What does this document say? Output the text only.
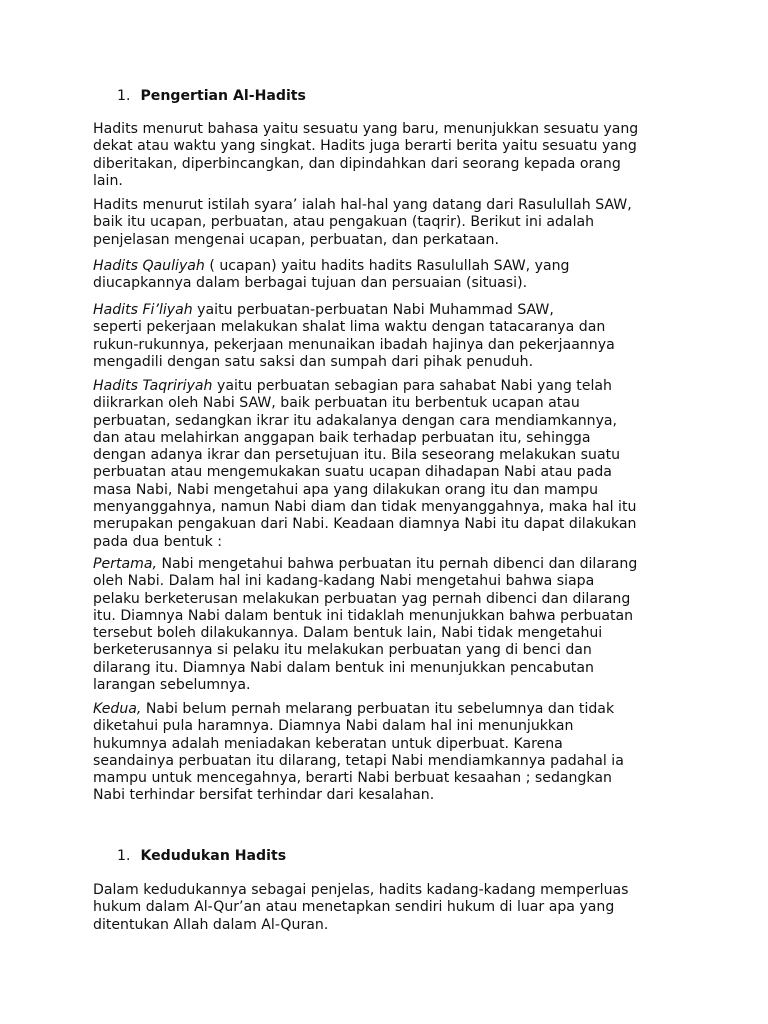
1. Pengertian Al-Hadits

Hadits menurut bahasa yaitu sesuatu yang baru, menunjukkan sesuatu yang
dekat atau waktu yang singkat. Hadits juga berarti berita yaitu sesuatu yang
diberitakan, diperbincangkan, dan dipindahkan dari seorang kepada orang
lain.

Hadits menurut istilah syara’ ialah hal-hal yang datang dari Rasulullah SAW,
baik itu ucapan, perbuatan, atau pengakuan (taqrir). Berikut ini adalah
penjelasan mengenai ucapan, perbuatan, dan perkataan.

Hadits Qauliyah ( ucapan) yaitu hadits hadits Rasulullah SAW, yang
diucapkannya dalam berbagai tujuan dan persuaian (situasi).

Hadits Fi’liyah yaitu perbuatan-perbuatan Nabi Muhammad SAW,
seperti pekerjaan melakukan shalat lima waktu dengan tatacaranya dan
rukun-rukunnya, pekerjaan menunaikan ibadah hajinya dan pekerjaannya
mengadili dengan satu saksi dan sumpah dari pihak penuduh.

Hadits Taqririyah yaitu perbuatan sebagian para sahabat Nabi yang telah
diikrarkan oleh Nabi SAW, baik perbuatan itu berbentuk ucapan atau
perbuatan, sedangkan ikrar itu adakalanya dengan cara mendiamkannya,
dan atau melahirkan anggapan baik terhadap perbuatan itu, sehingga
dengan adanya ikrar dan persetujuan itu. Bila seseorang melakukan suatu
perbuatan atau mengemukakan suatu ucapan dihadapan Nabi atau pada
masa Nabi, Nabi mengetahui apa yang dilakukan orang itu dan mampu
menyanggahnya, namun Nabi diam dan tidak menyanggahnya, maka hal itu
merupakan pengakuan dari Nabi. Keadaan diamnya Nabi itu dapat dilakukan
pada dua bentuk :

Pertama, Nabi mengetahui bahwa perbuatan itu pernah dibenci dan dilarang
oleh Nabi. Dalam hal ini kadang-kadang Nabi mengetahui bahwa siapa
pelaku berketerusan melakukan perbuatan yag pernah dibenci dan dilarang
itu. Diamnya Nabi dalam bentuk ini tidaklah menunjukkan bahwa perbuatan
tersebut boleh dilakukannya. Dalam bentuk lain, Nabi tidak mengetahui
berketerusannya si pelaku itu melakukan perbuatan yang di benci dan
dilarang itu. Diamnya Nabi dalam bentuk ini menunjukkan pencabutan
larangan sebelumnya.

Kedua, Nabi belum pernah melarang perbuatan itu sebelumnya dan tidak
diketahui pula haramnya. Diamnya Nabi dalam hal ini menunjukkan
hukumnya adalah meniadakan keberatan untuk diperbuat. Karena
seandainya perbuatan itu dilarang, tetapi Nabi mendiamkannya padahal ia
mampu untuk mencegahnya, berarti Nabi berbuat kesaahan ; sedangkan
Nabi terhindar bersifat terhindar dari kesalahan.

1. Kedudukan Hadits

Dalam kedudukannya sebagai penjelas, hadits kadang-kadang memperluas
hukum dalam Al-Qur’an atau menetapkan sendiri hukum di luar apa yang
ditentukan Allah dalam Al-Quran.
